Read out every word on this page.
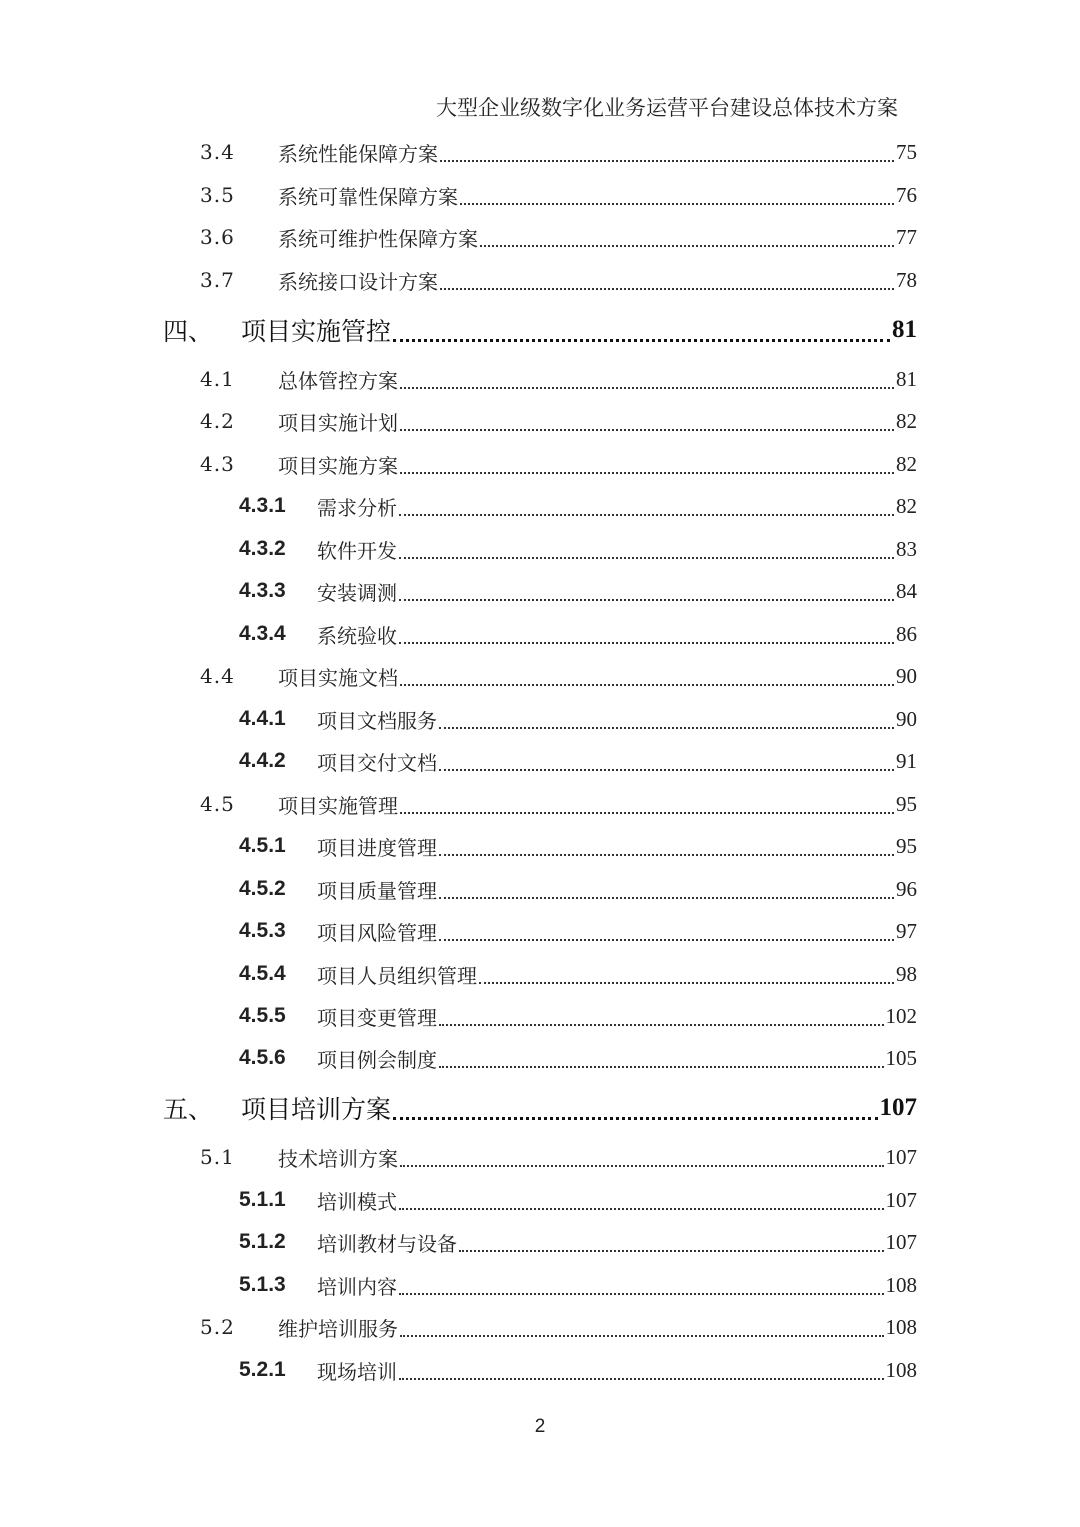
大型企业级数字化业务运营平台建设总体技术方案
3.4	系统性能保障方案	75
3.5	系统可靠性保障方案	76
3.6	系统可维护性保障方案	77
3.7	系统接口设计方案	78
四、	项目实施管控	81
4.1	总体管控方案	81
4.2	项目实施计划	82
4.3	项目实施方案	82
4.3.1	需求分析	82
4.3.2	软件开发	83
4.3.3	安装调测	84
4.3.4	系统验收	86
4.4	项目实施文档	90
4.4.1	项目文档服务	90
4.4.2	项目交付文档	91
4.5	项目实施管理	95
4.5.1	项目进度管理	95
4.5.2	项目质量管理	96
4.5.3	项目风险管理	97
4.5.4	项目人员组织管理	98
4.5.5	项目变更管理	102
4.5.6	项目例会制度	105
五、	项目培训方案	107
5.1	技术培训方案	107
5.1.1	培训模式	107
5.1.2	培训教材与设备	107
5.1.3	培训内容	108
5.2	维护培训服务	108
5.2.1	现场培训	108
2
